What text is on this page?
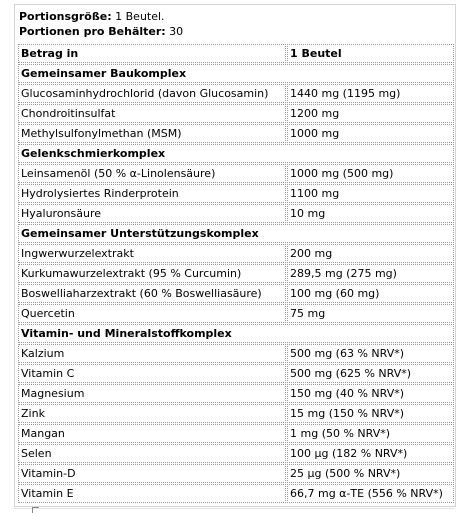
Portionsgröße: 1 Beutel.
Portionen pro Behälter: 30
Betrag in	1 Beutel
Gemeinsamer Baukomplex	
Glucosaminhydrochlorid (davon Glucosamin)	1440 mg (1195 mg)
Chondroitinsulfat	1200 mg
Methylsulfonylmethan (MSM)	1000 mg
Gelenkschmierkomplex	
Leinsamenöl (50 % α-Linolensäure)	1000 mg (500 mg)
Hydrolysiertes Rinderprotein	1100 mg
Hyaluronsäure	10 mg
Gemeinsamer Unterstützungskomplex	
Ingwerwurzelextrakt	200 mg
Kurkumawurzelextrakt (95 % Curcumin)	289,5 mg (275 mg)
Boswelliaharzextrakt (60 % Boswelliasäure)	100 mg (60 mg)
Quercetin	75 mg
Vitamin- und Mineralstoffkomplex	
Kalzium	500 mg (63 % NRV*)
Vitamin C	500 mg (625 % NRV*)
Magnesium	150 mg (40 % NRV*)
Zink	15 mg (150 % NRV*)
Mangan	1 mg (50 % NRV*)
Selen	100 µg (182 % NRV*)
Vitamin-D	25 µg (500 % NRV*)
Vitamin E	66,7 mg α-TE (556 % NRV*)
